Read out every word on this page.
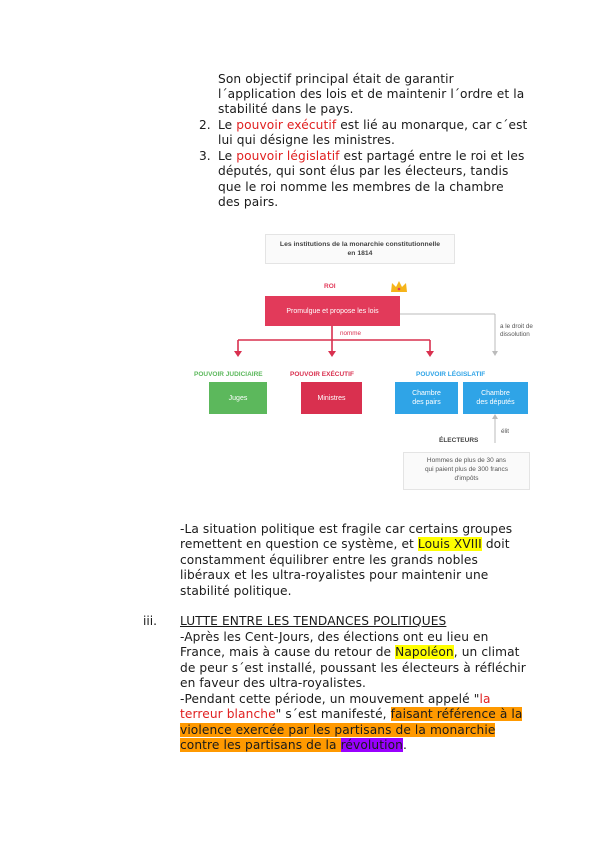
Son objectif principal était de garantir
l´application des lois et de maintenir l´ordre et la
stabilité dans le pays.
2. Le pouvoir exécutif est lié au monarque, car c´est
lui qui désigne les ministres.
3. Le pouvoir législatif est partagé entre le roi et les
députés, qui sont élus par les électeurs, tandis
que le roi nomme les membres de la chambre
des pairs.
Les institutions de la monarchie constitutionnelle
en 1814
ROI
Promulgue et propose les lois
nomme
a le droit de
dissolution
POUVOIR JUDICIAIRE	POUVOIR EXÉCUTIF	POUVOIR LÉGISLATIF
Juges	Ministres
Chambre
des pairs
Chambre
des députés
élit
ÉLECTEURS
Hommes de plus de 30 ans
qui paient plus de 300 francs
d'impôts
-La situation politique est fragile car certains groupes
remettent en question ce système, et Louis XVIII doit
constamment équilibrer entre les grands nobles
libéraux et les ultra-royalistes pour maintenir une
stabilité politique.
iii. LUTTE ENTRE LES TENDANCES POLITIQUES
-Après les Cent-Jours, des élections ont eu lieu en
France, mais à cause du retour de Napoléon, un climat
de peur s´est installé, poussant les électeurs à réfléchir
en faveur des ultra-royalistes.
-Pendant cette période, un mouvement appelé "la
terreur blanche" s´est manifesté, faisant référence à la
violence exercée par les partisans de la monarchie
contre les partisans de la révolution.
